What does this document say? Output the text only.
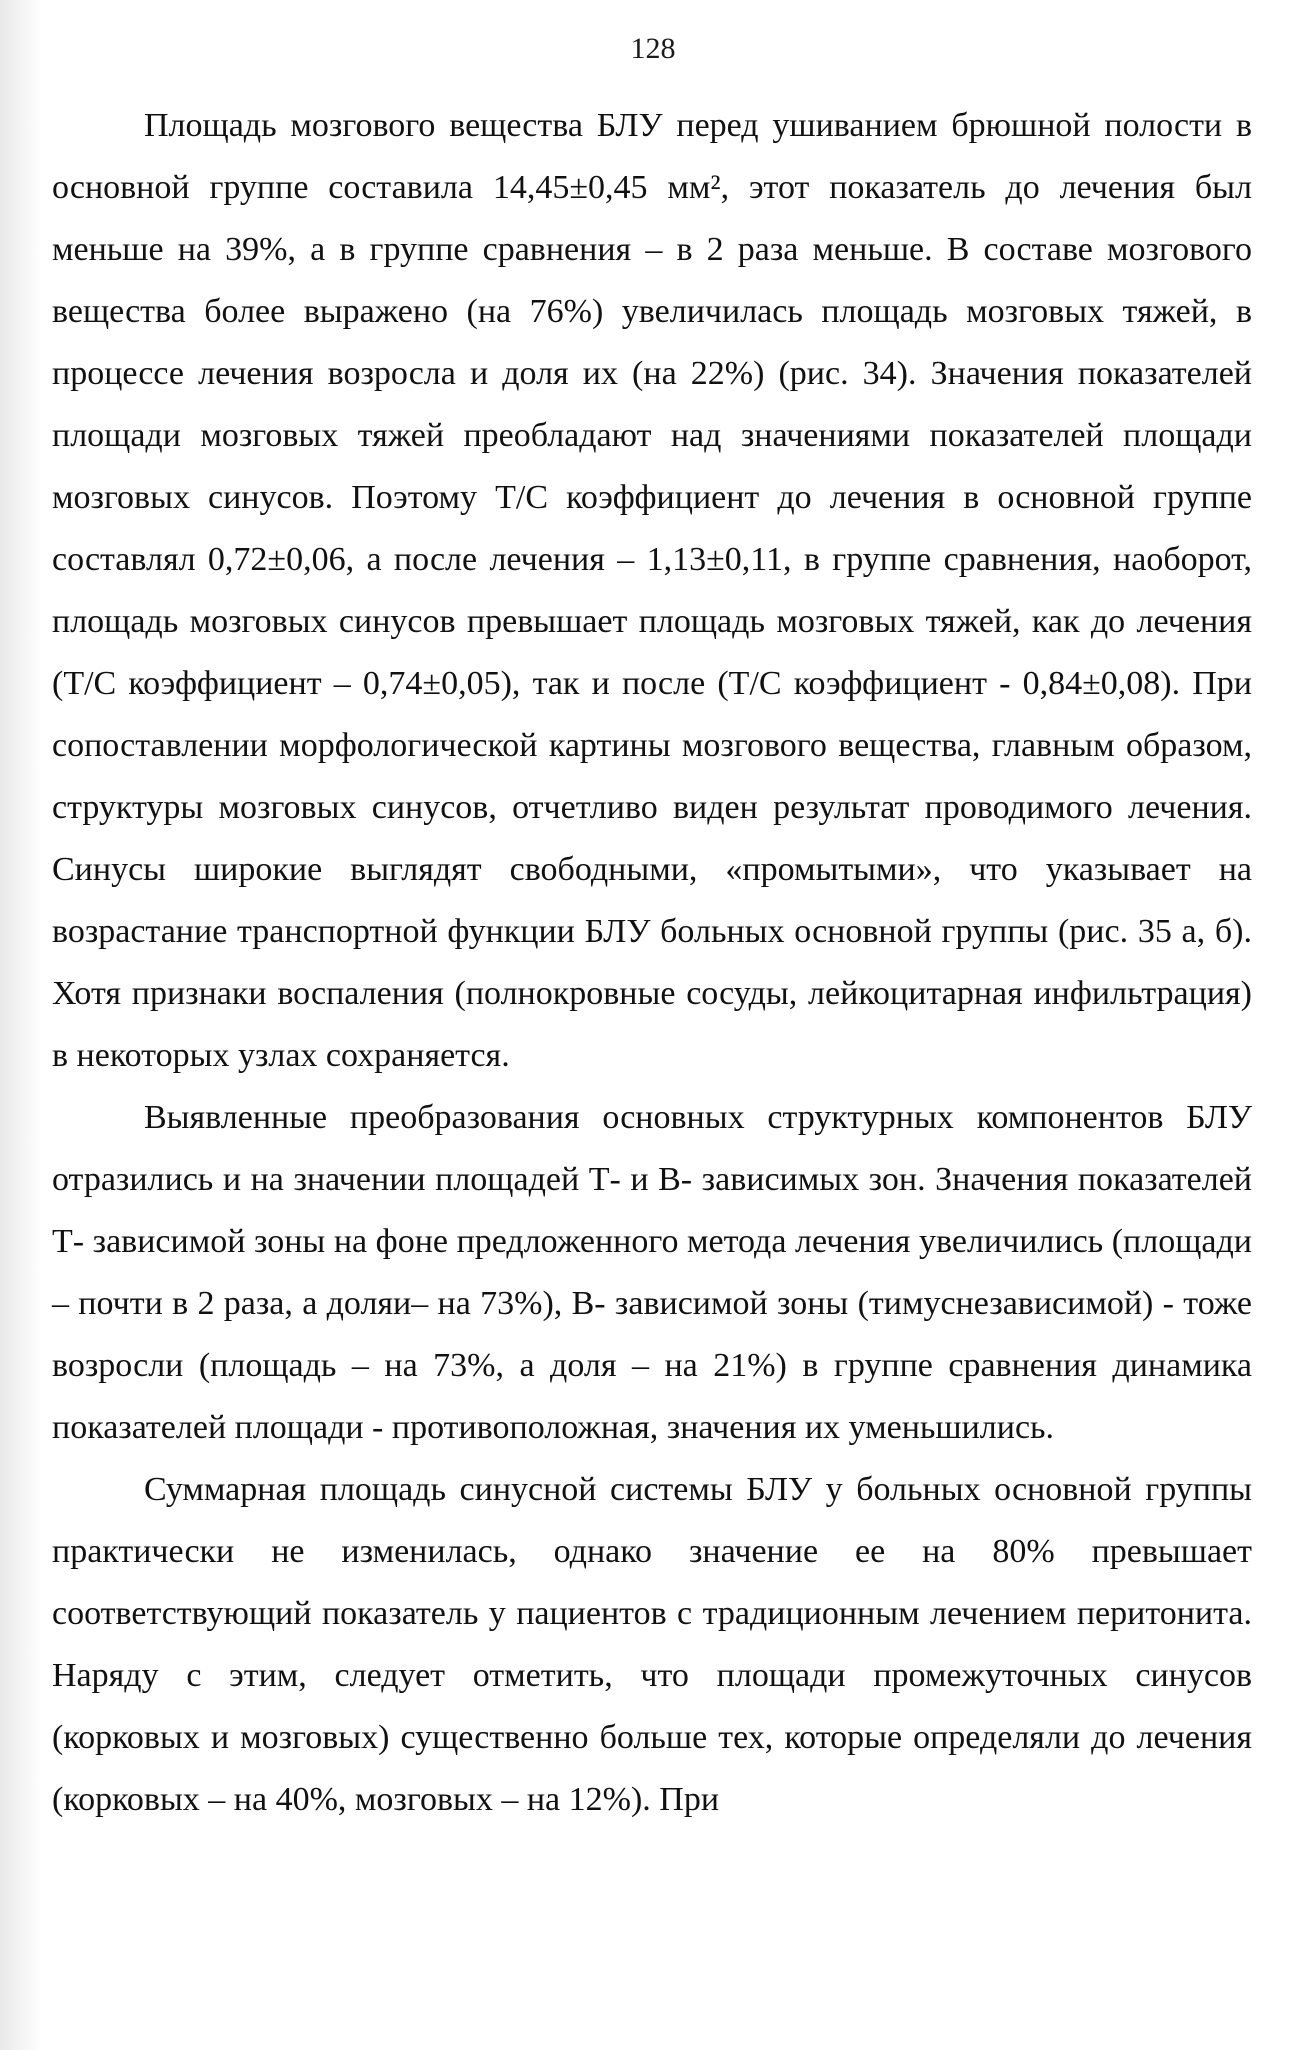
128

Площадь мозгового вещества БЛУ перед ушиванием брюшной полости в основной группе составила 14,45±0,45 мм², этот показатель до лечения был меньше на 39%, а в группе сравнения – в 2 раза меньше. В составе мозгового вещества более выражено (на 76%) увеличилась площадь мозговых тяжей, в процессе лечения возросла и доля их (на 22%) (рис. 34). Значения показателей площади мозговых тяжей преобладают над значениями показателей площади мозговых синусов. Поэтому Т/С коэффициент до лечения в основной группе составлял 0,72±0,06, а после лечения – 1,13±0,11, в группе сравнения, наоборот, площадь мозговых синусов превышает площадь мозговых тяжей, как до лечения (Т/С коэффициент – 0,74±0,05), так и после (Т/С коэффициент - 0,84±0,08). При сопоставлении морфологической картины мозгового вещества, главным образом, структуры мозговых синусов, отчетливо виден результат проводимого лечения. Синусы широкие выглядят свободными, «промытыми», что указывает на возрастание транспортной функции БЛУ больных основной группы (рис. 35 а, б). Хотя признаки воспаления (полнокровные сосуды, лейкоцитарная инфильтрация) в некоторых узлах сохраняется.

Выявленные преобразования основных структурных компонентов БЛУ отразились и на значении площадей Т- и В- зависимых зон. Значения показателей Т- зависимой зоны на фоне предложенного метода лечения увеличились (площади – почти в 2 раза, а доляи– на 73%), В- зависимой зоны (тимуснезависимой) - тоже возросли (площадь – на 73%, а доля – на 21%) в группе сравнения динамика показателей площади - противоположная, значения их уменьшились.

Суммарная площадь синусной системы БЛУ у больных основной группы практически не изменилась, однако значение ее на 80% превышает соответствующий показатель у пациентов с традиционным лечением перитонита. Наряду с этим, следует отметить, что площади промежуточных синусов (корковых и мозговых) существенно больше тех, которые определяли до лечения (корковых – на 40%, мозговых – на 12%). При
